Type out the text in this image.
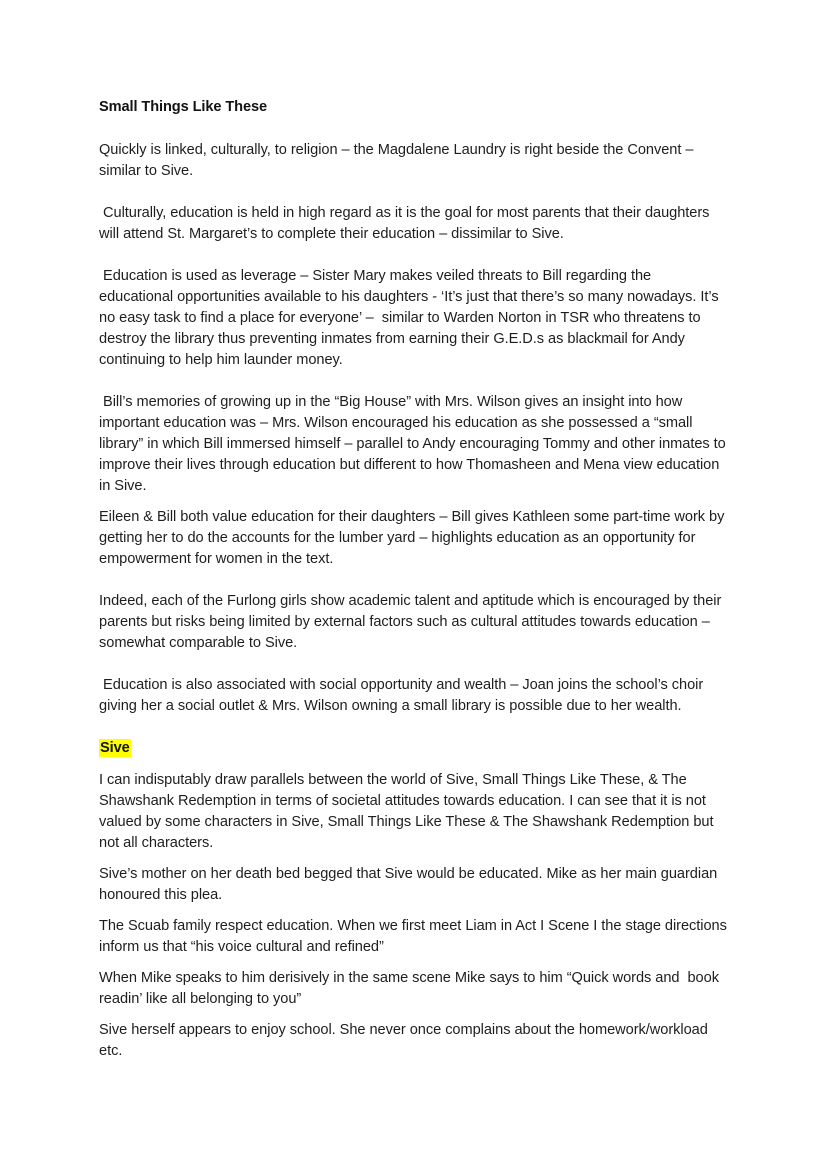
Small Things Like These

Quickly is linked, culturally, to religion – the Magdalene Laundry is right beside the Convent – similar to Sive.

Culturally, education is held in high regard as it is the goal for most parents that their daughters will attend St. Margaret’s to complete their education – dissimilar to Sive.

Education is used as leverage – Sister Mary makes veiled threats to Bill regarding the educational opportunities available to his daughters - ‘It’s just that there’s so many nowadays. It’s no easy task to find a place for everyone’ –  similar to Warden Norton in TSR who threatens to destroy the library thus preventing inmates from earning their G.E.D.s as blackmail for Andy continuing to help him launder money.

Bill’s memories of growing up in the “Big House” with Mrs. Wilson gives an insight into how important education was – Mrs. Wilson encouraged his education as she possessed a “small library” in which Bill immersed himself – parallel to Andy encouraging Tommy and other inmates to improve their lives through education but different to how Thomasheen and Mena view education in Sive.

Eileen & Bill both value education for their daughters – Bill gives Kathleen some part-time work by getting her to do the accounts for the lumber yard – highlights education as an opportunity for empowerment for women in the text.

Indeed, each of the Furlong girls show academic talent and aptitude which is encouraged by their parents but risks being limited by external factors such as cultural attitudes towards education – somewhat comparable to Sive.

Education is also associated with social opportunity and wealth – Joan joins the school’s choir giving her a social outlet & Mrs. Wilson owning a small library is possible due to her wealth.

Sive

I can indisputably draw parallels between the world of Sive, Small Things Like These, & The Shawshank Redemption in terms of societal attitudes towards education. I can see that it is not valued by some characters in Sive, Small Things Like These & The Shawshank Redemption but not all characters.

Sive’s mother on her death bed begged that Sive would be educated. Mike as her main guardian honoured this plea.

The Scuab family respect education. When we first meet Liam in Act I Scene I the stage directions inform us that “his voice cultural and refined”

When Mike speaks to him derisively in the same scene Mike says to him “Quick words and  book readin’ like all belonging to you”

Sive herself appears to enjoy school. She never once complains about the homework/workload etc.
